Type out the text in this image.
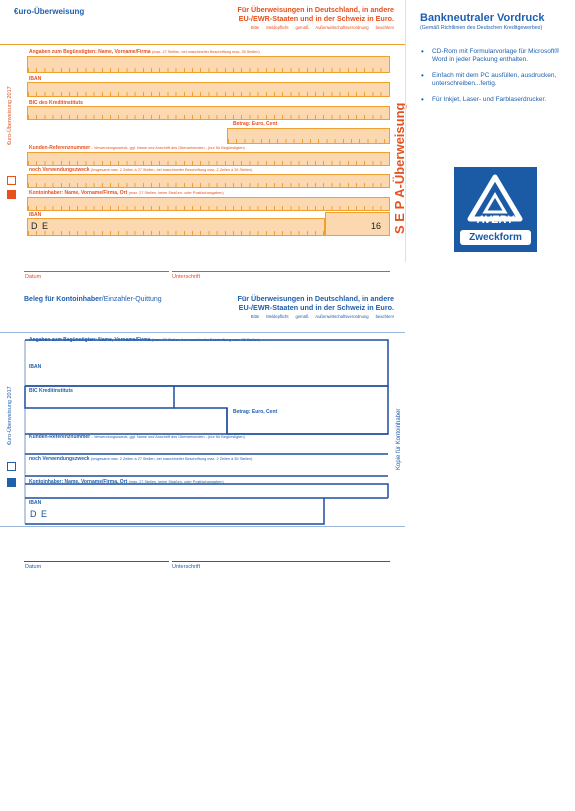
€uro-Überweisung	Für Überweisungen in Deutschland, in andere
EU-/EWR-Staaten und in der Schweiz in Euro.
Bitte      Meldepflicht      gemäß      Außenwirtschaftsverordnung      beachten!
€uro-Überweisung 2017
Angaben zum Begünstigten: Name, Vorname/Firma (max. 27 Stellen, bei maschineller Beschriftung max. 35 Stellen)
IBAN
BIC des Kreditinstituts
Betrag: Euro, Cent
Kunden-Referenznummer - Verwendungszweck, ggf. Name und Anschrift des Überweisenden - (nur für Begünstigten)
noch Verwendungszweck (insgesamt max. 2 Zeilen à 27 Stellen, bei maschineller Beschriftung max. 2 Zeilen à 35 Stellen)
Kontoinhaber: Name, Vorname/Firma, Ort (max. 27 Stellen, keine Straßen- oder Postfachangaben)
IBAN
D E	16 S E P A-Überweisung
Datum	Unterschrift
Bankneutraler Vordruck
(Gemäß Richtlinien des Deutschen Kreditgewerbes)
• CD-Rom mit Formularvorlage für Microsoft® Word in jeder Packung enthalten.
• Einfach mit dem PC ausfüllen, ausdrucken, unterschreiben...fertig.
• Für Inkjet, Laser- und Farblaserdrucker.
AVERY
Zweckform
Beleg für Kontoinhaber/Einzahler-Quittung	Für Überweisungen in Deutschland, in andere
EU-/EWR-Staaten und in der Schweiz in Euro.
Bitte      Meldepflicht      gemäß      Außenwirtschaftsverordnung      beachten!
€uro-Überweisung 2017
Angaben zum Begünstigten: Name, Vorname/Firma (max. 27 Stellen, bei maschineller Beschriftung max. 35 Stellen)
IBAN
BIC Kreditinstituts
Betrag: Euro, Cent
Kunden-Referenznummer - Verwendungszweck, ggf. Name und Anschrift des Überweisenden - (nur für Begünstigten)
noch Verwendungszweck (insgesamt max. 2 Zeilen à 27 Stellen, bei maschineller Beschriftung max. 2 Zeilen à 35 Stellen)
Kontoinhaber: Name, Vorname/Firma, Ort (max. 27 Stellen, keine Straßen- oder Postfachangaben)
IBAN
D E
Kopie für Kontoinhaber
Datum	Unterschrift
